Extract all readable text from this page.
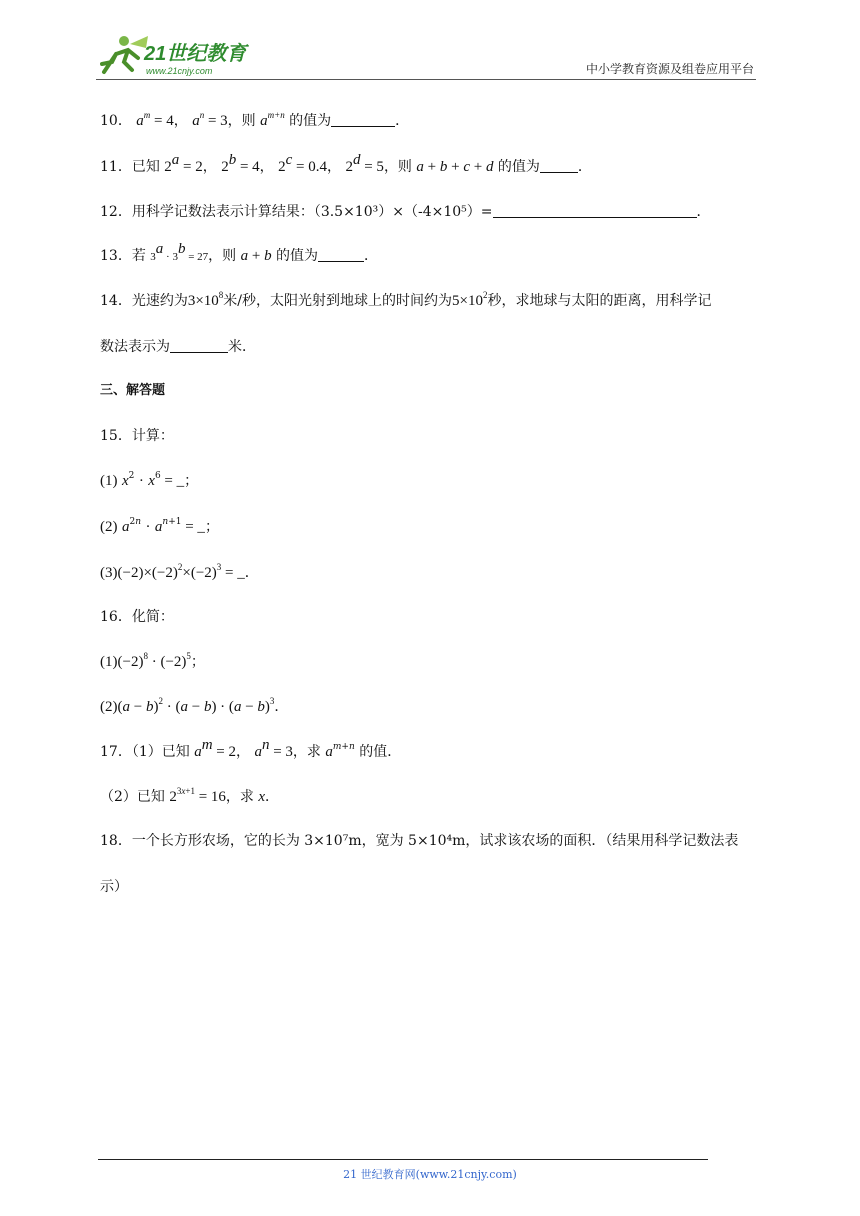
21世纪教育
www.21cnjy.com	中小学教育资源及组卷应用平台
10． $a^m = 4$， $a^n = 3$，则 $a^{m+n}$ 的值为	．
11．已知 $2^a = 2$， $2^b = 4$， $2^c = 0.4$， $2^d = 5$，则 a + b + c + d 的值为	．
12．用科学记数法表示计算结果：（3.5×10³）×（-4×10⁵）=	．
13．若 $3^a \cdot 3^b = 27$，则 a + b 的值为	．
14．光速约为$3\times 10^8$米/秒，太阳光射到地球上的时间约为$5\times 10^2$秒，求地球与太阳的距离，用科学记
数法表示为	米．
三、解答题
15．计算：
(1) $x^2 \cdot x^6$ = _；
(2) $a^{2n} \cdot a^{n+1}$ = _；
$(3)(-2)\times(-2)^2\times(-2)^3$ = _．
16．化简：
$(1)(-2)^8 \cdot (-2)^5$；
$(2)(a - b)^2 \cdot (a - b) \cdot (a - b)^3$．
17．（1）已知 $a^m = 2$， $a^n = 3$，求 $a^{m+n}$ 的值．
（2）已知 $2^{3x+1} = 16$，求 x．
18．一个长方形农场，它的长为 3×10⁷m，宽为 5×10⁴m，试求该农场的面积．（结果用科学记数法表
示）
21 世纪教育网(www.21cnjy.com)
